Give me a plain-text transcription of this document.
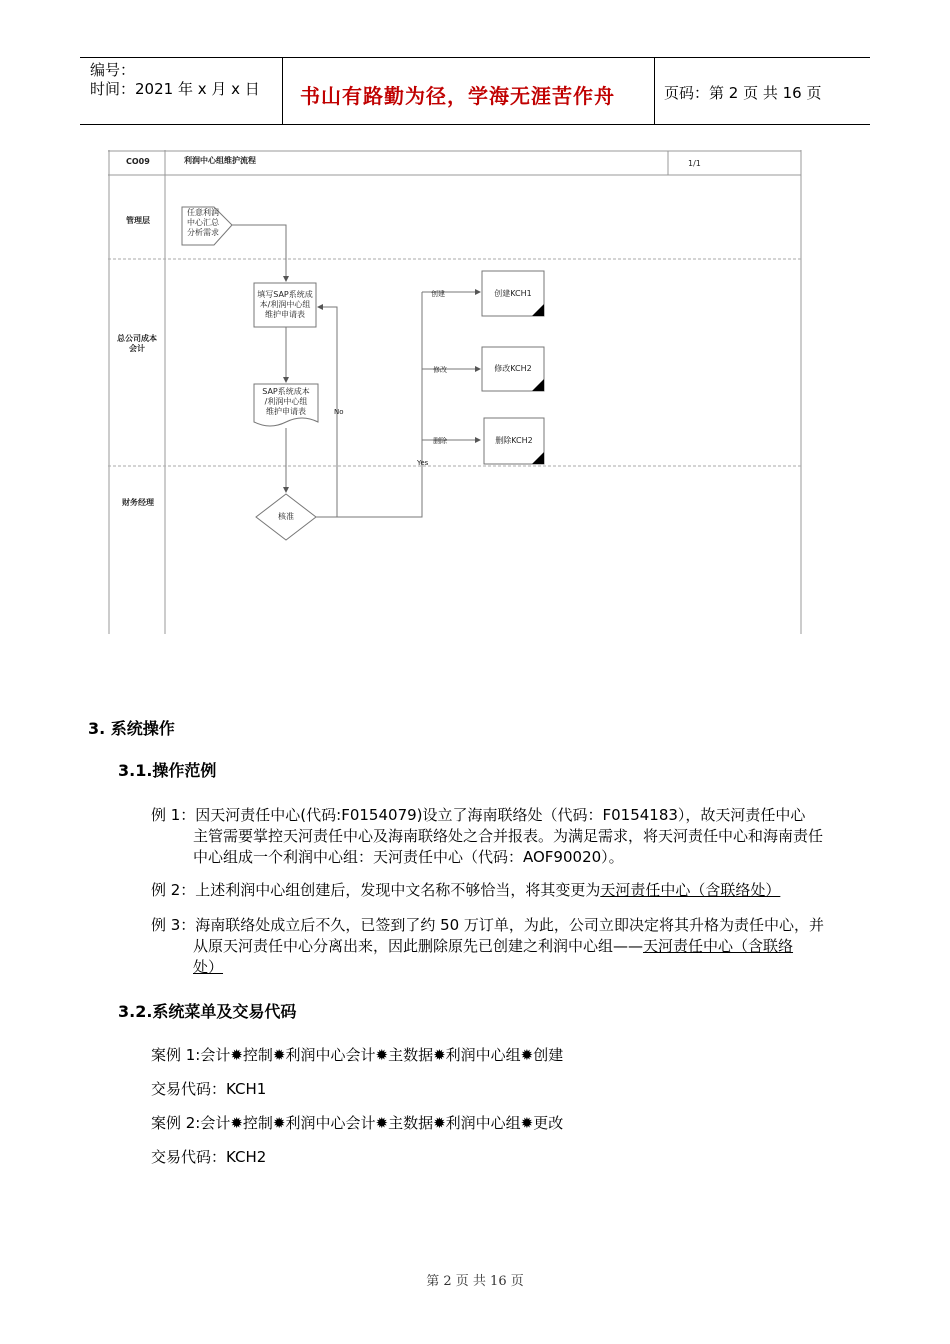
编号：
时间：2021 年 x 月 x 日 书山有路勤为径，学海无涯苦作舟	页码：第 2 页 共 16 页
CO09	利润中心组维护流程	1/1
管理层
总公司成本
会计
财务经理
任意利润
中心汇总
分析需求
填写SAP系统成
本/利润中心组
维护申请表
SAP系统成本
/利润中心组
维护申请表
核准
创建KCH1
修改KCH2
删除KCH2
创建
修改
删除
No
Yes
3. 系统操作
3.1.操作范例
例 1：因天河责任中心(代码:F0154079)设立了海南联络处（代码：F0154183），故天河责任中心
主管需要掌控天河责任中心及海南联络处之合并报表。为满足需求，将天河责任中心和海南责任
中心组成一个利润中心组：天河责任中心（代码：AOF90020）。
例 2：上述利润中心组创建后，发现中文名称不够恰当，将其变更为天河责任中心（含联络处）
例 3：海南联络处成立后不久，已签到了约 50 万订单，为此，公司立即决定将其升格为责任中心，并
从原天河责任中心分离出来，因此删除原先已创建之利润中心组——天河责任中心（含联络
处）
3.2.系统菜单及交易代码
案例 1:会计✹控制✹利润中心会计✹主数据✹利润中心组✹创建
交易代码：KCH1
案例 2:会计✹控制✹利润中心会计✹主数据✹利润中心组✹更改
交易代码：KCH2
第 2 页 共 16 页
